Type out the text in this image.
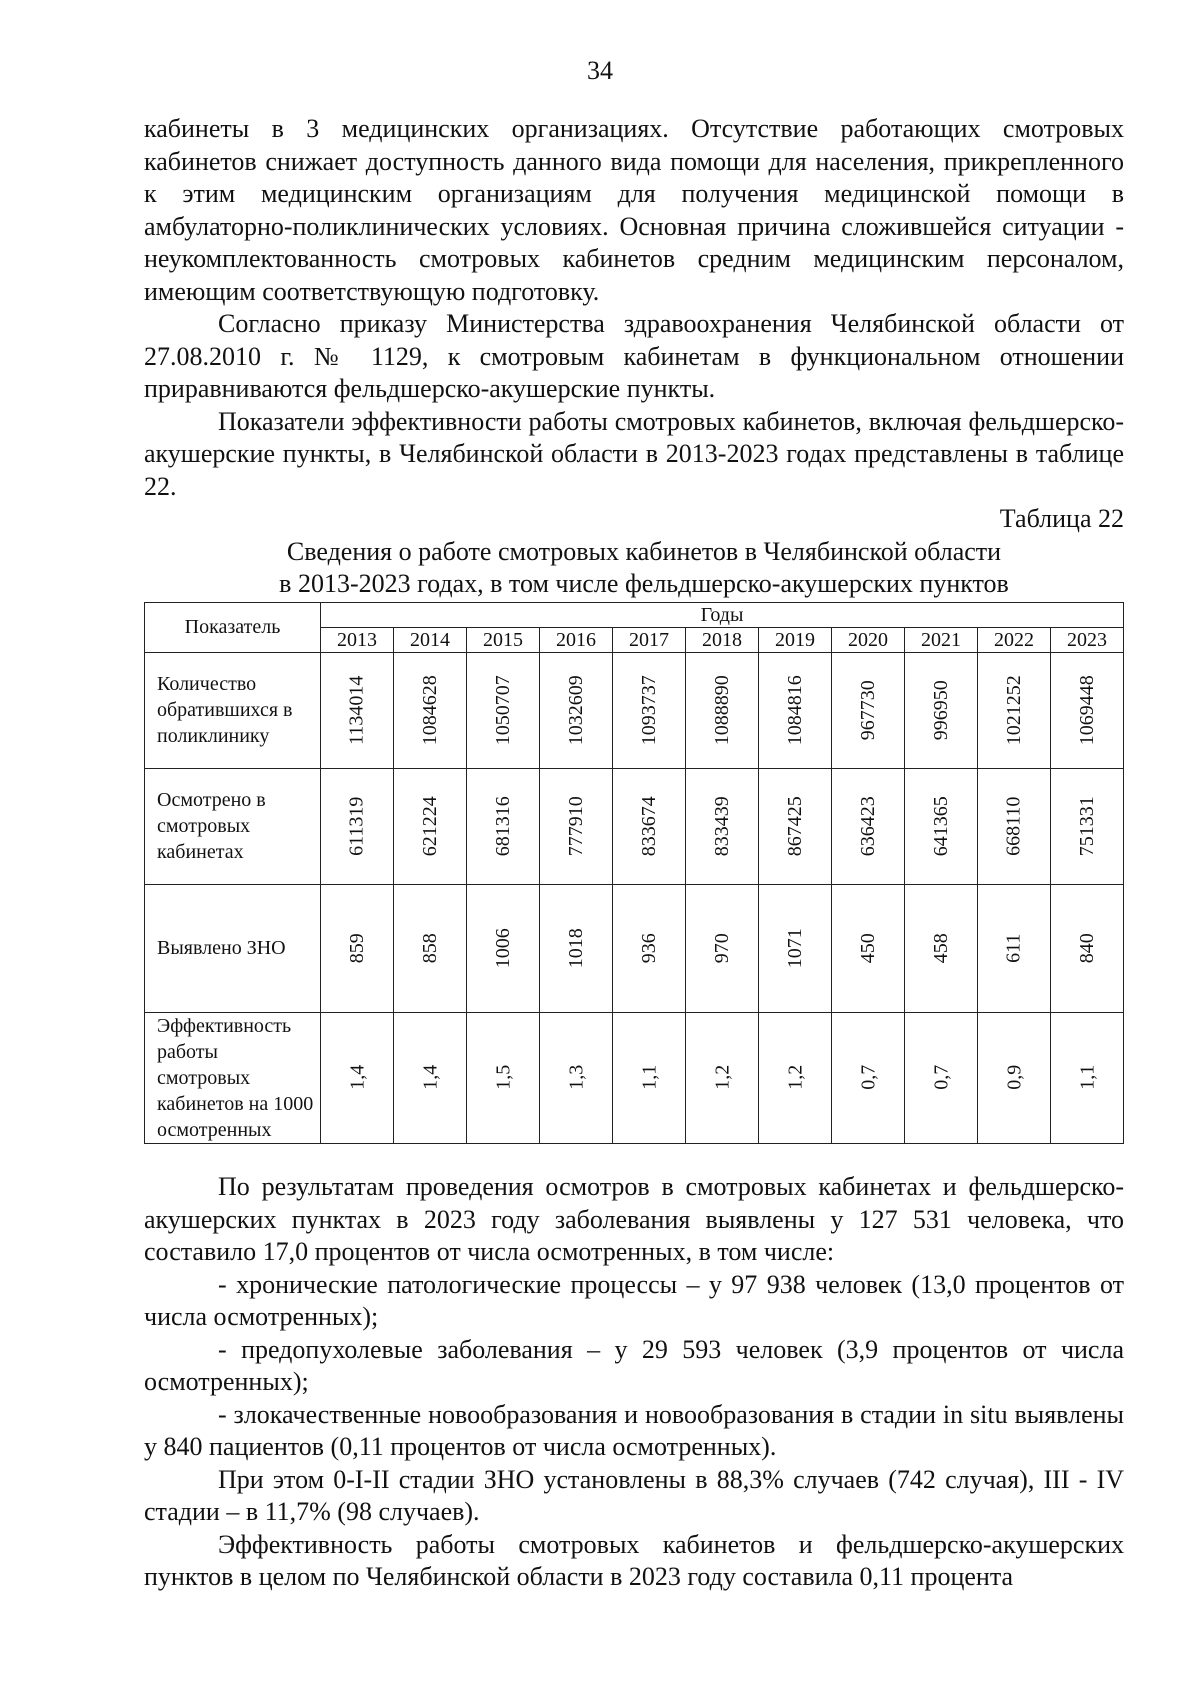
34

кабинеты в 3 медицинских организациях. Отсутствие работающих смотровых кабинетов снижает доступность данного вида помощи для населения, прикрепленного к этим медицинским организациям для получения медицинской помощи в амбулаторно-поликлинических условиях. Основная причина сложившейся ситуации - неукомплектованность смотровых кабинетов средним медицинским персоналом, имеющим соответствующую подготовку.

Согласно приказу Министерства здравоохранения Челябинской области от 27.08.2010 г. № 1129, к смотровым кабинетам в функциональном отношении приравниваются фельдшерско-акушерские пункты.

Показатели эффективности работы смотровых кабинетов, включая фельдшерско-акушерские пункты, в Челябинской области в 2013-2023 годах представлены в таблице 22.

Таблица 22

Сведения о работе смотровых кабинетов в Челябинской области

в 2013-2023 годах, в том числе фельдшерско-акушерских пунктов

Показатель	Годы										
	2013	2014	2015	2016	2017	2018	2019	2020	2021	2022	2023
Количество обратившихся в поликлинику	1134014	1084628	1050707	1032609	1093737	1088890	1084816	967730	996950	1021252	1069448
Осмотрено в смотровых кабинетах	611319	621224	681316	777910	833674	833439	867425	636423	641365	668110	751331
Выявлено ЗНО	859	858	1006	1018	936	970	1071	450	458	611	840
Эффективность работы смотровых кабинетов на 1000 осмотренных	1,4	1,4	1,5	1,3	1,1	1,2	1,2	0,7	0,7	0,9	1,1

По результатам проведения осмотров в смотровых кабинетах и фельдшерско-акушерских пунктах в 2023 году заболевания выявлены у 127 531 человека, что составило 17,0 процентов от числа осмотренных, в том числе:

- хронические патологические процессы – у 97 938 человек (13,0 процентов от числа осмотренных);

- предопухолевые заболевания – у 29 593 человек (3,9 процентов от числа осмотренных);

- злокачественные новообразования и новообразования в стадии in situ выявлены у 840 пациентов (0,11 процентов от числа осмотренных).

При этом 0-I-II стадии ЗНО установлены в 88,3% случаев (742 случая), III - IV стадии – в 11,7% (98 случаев).

Эффективность работы смотровых кабинетов и фельдшерско-акушерских пунктов в целом по Челябинской области в 2023 году составила 0,11 процента
